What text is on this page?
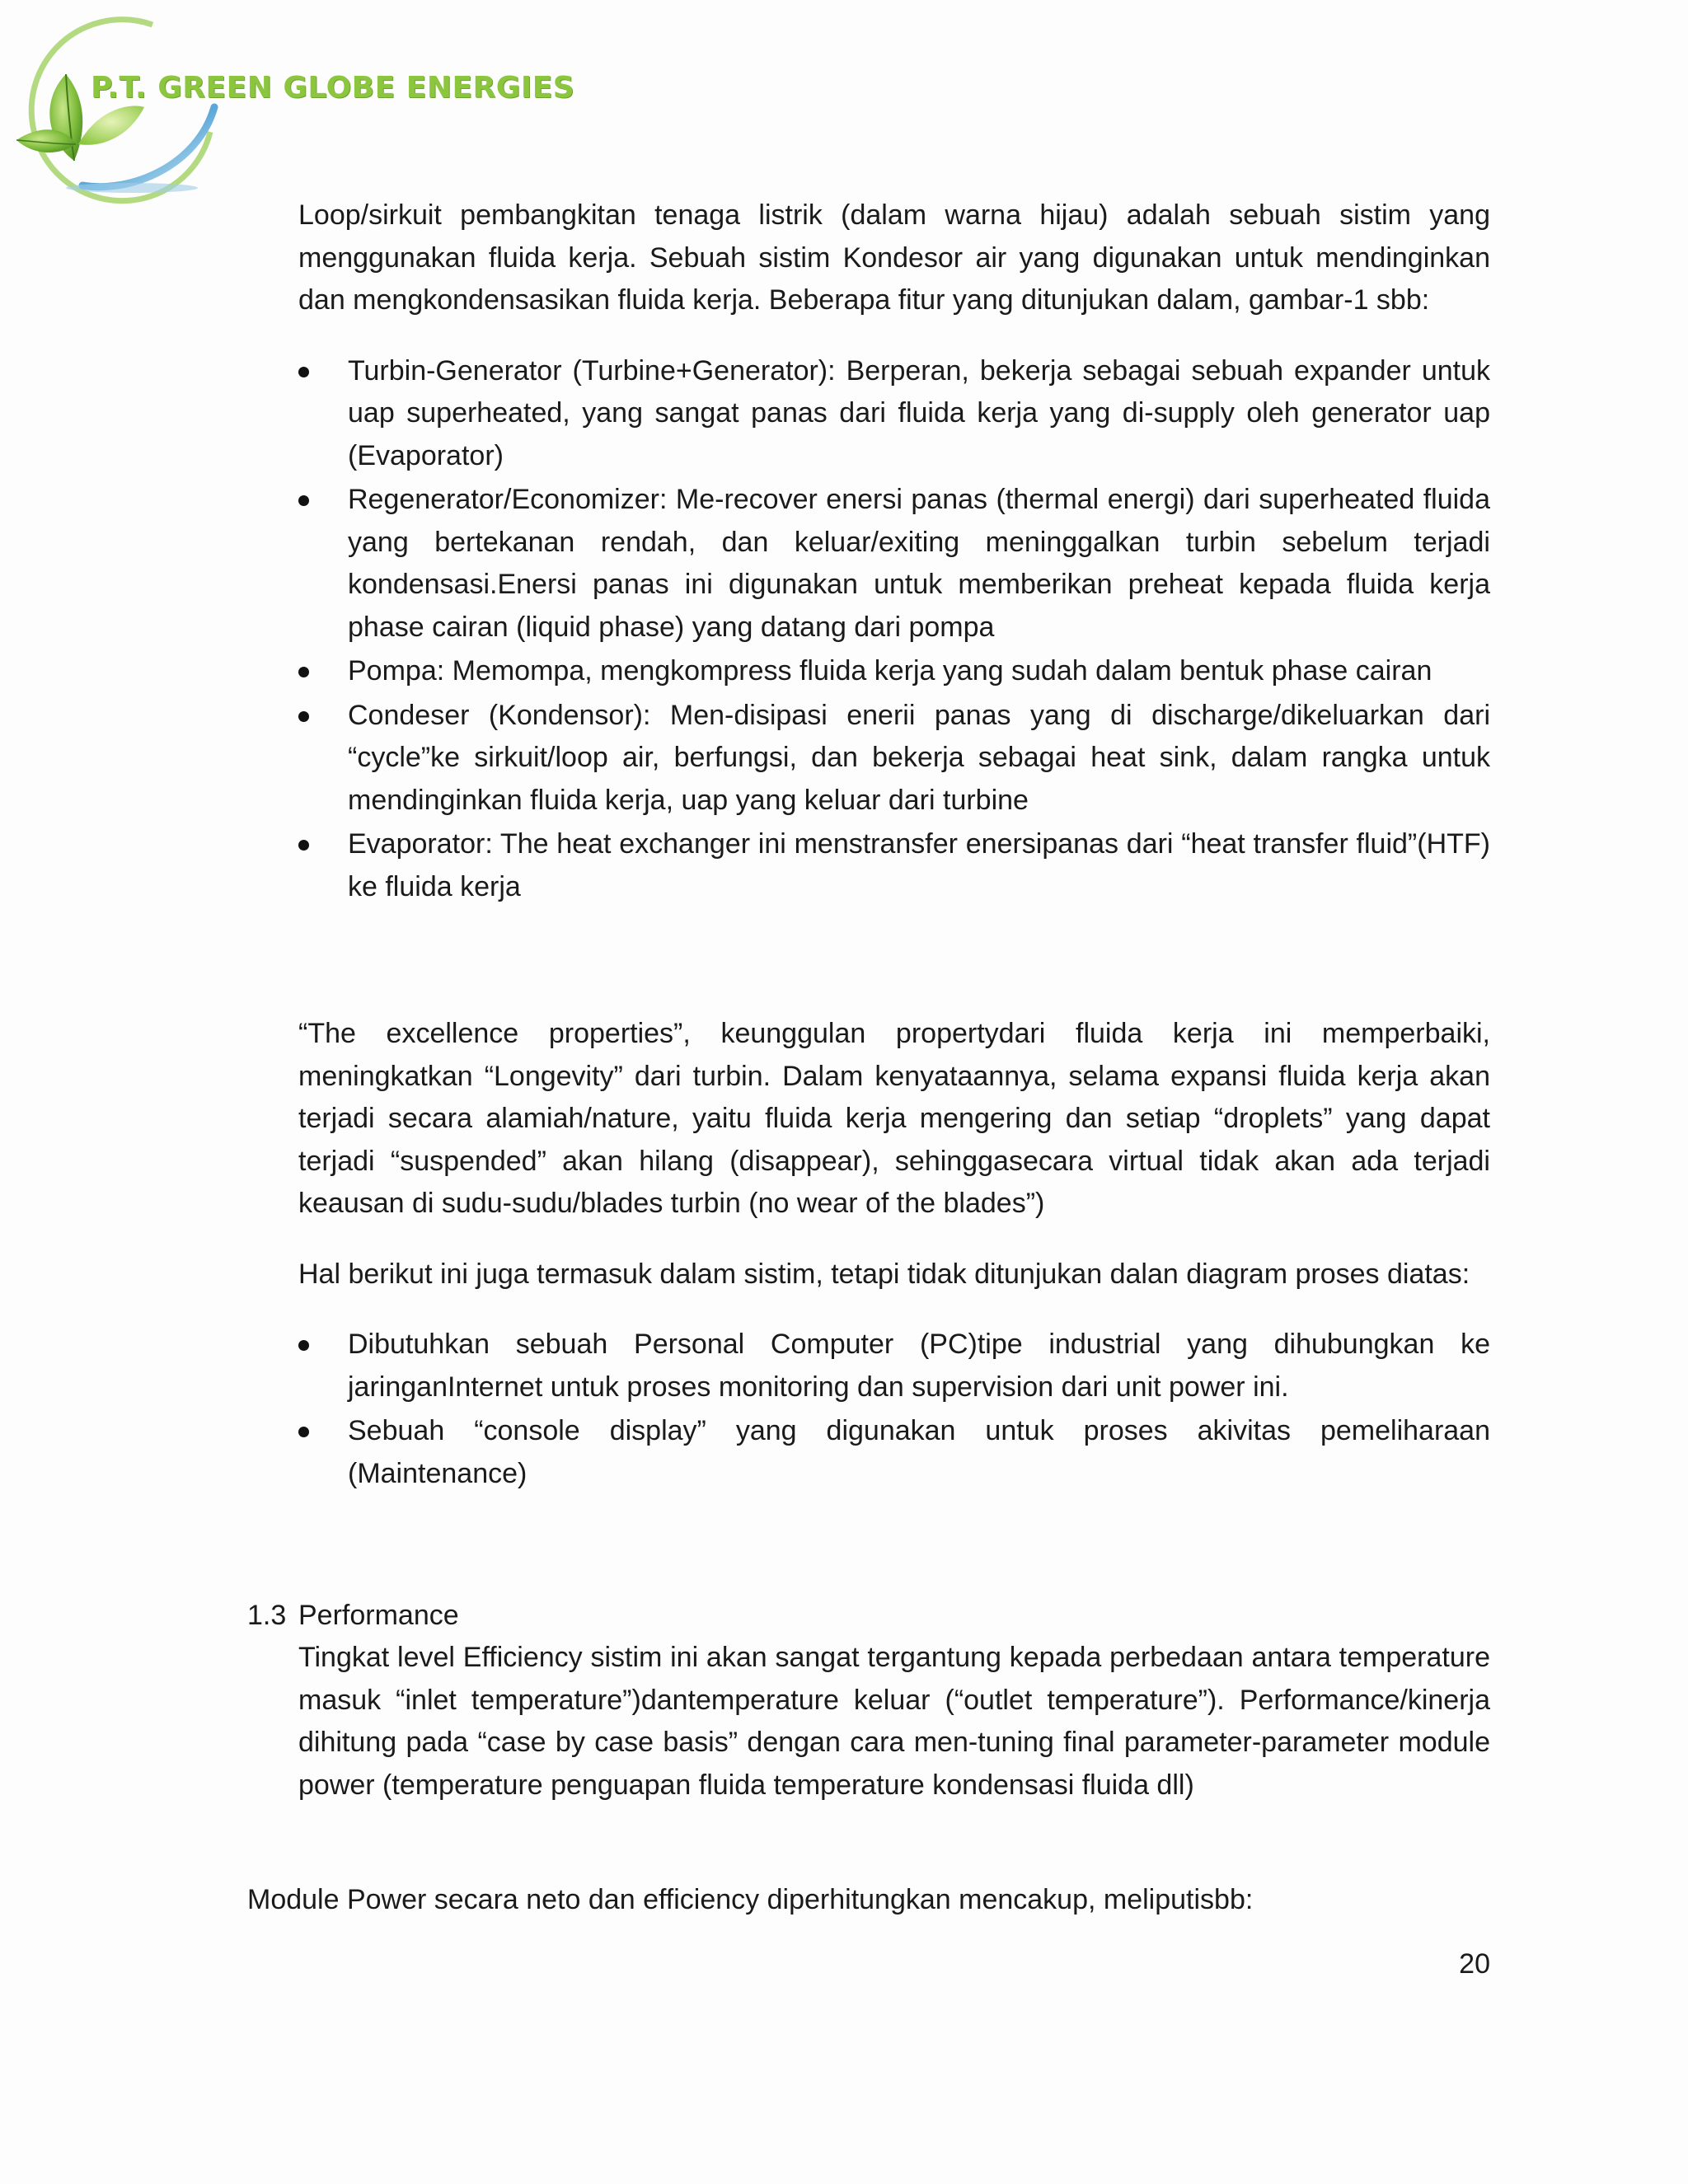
P.T. GREEN GLOBE ENERGIES

Loop/sirkuit pembangkitan tenaga listrik (dalam warna hijau) adalah sebuah sistim yang menggunakan fluida kerja. Sebuah sistim Kondesor air yang digunakan untuk mendinginkan dan mengkondensasikan fluida kerja. Beberapa fitur yang ditunjukan dalam, gambar-1 sbb:

Turbin-Generator (Turbine+Generator): Berperan, bekerja sebagai sebuah expander untuk uap superheated, yang sangat panas dari fluida kerja yang di-supply oleh generator uap (Evaporator)
Regenerator/Economizer: Me-recover enersi panas (thermal energi) dari superheated fluida yang bertekanan rendah, dan keluar/exiting meninggalkan turbin sebelum terjadi kondensasi.Enersi panas ini digunakan untuk memberikan preheat kepada fluida kerja phase cairan (liquid phase) yang datang dari pompa
Pompa: Memompa, mengkompress fluida kerja yang sudah dalam bentuk phase cairan
Condeser (Kondensor): Men-disipasi enerii panas yang di discharge/dikeluarkan dari “cycle”ke sirkuit/loop air, berfungsi, dan bekerja sebagai heat sink, dalam rangka untuk mendinginkan fluida kerja, uap yang keluar dari turbine
Evaporator: The heat exchanger ini menstransfer enersipanas dari “heat transfer fluid”(HTF) ke fluida kerja

“The excellence properties”, keunggulan propertydari fluida kerja ini memperbaiki, meningkatkan “Longevity” dari turbin. Dalam kenyataannya, selama expansi fluida kerja akan terjadi secara alamiah/nature, yaitu fluida kerja mengering dan setiap “droplets” yang dapat terjadi “suspended” akan hilang (disappear), sehinggasecara virtual tidak akan ada terjadi keausan di sudu-sudu/blades turbin (no wear of the blades”)

Hal berikut ini juga termasuk dalam sistim, tetapi tidak ditunjukan dalan diagram proses diatas:

Dibutuhkan sebuah Personal Computer (PC)tipe industrial yang dihubungkan ke jaringanInternet untuk proses monitoring dan supervision dari unit power ini.
Sebuah “console display” yang digunakan untuk proses akivitas pemeliharaan (Maintenance)
1.3 Performance

Tingkat level Efficiency sistim ini akan sangat tergantung kepada perbedaan antara temperature masuk “inlet temperature”)dantemperature keluar (“outlet temperature”). Performance/kinerja dihitung pada “case by case basis” dengan cara men-tuning final parameter-parameter module power (temperature penguapan fluida temperature kondensasi fluida dll)

Module Power secara neto dan efficiency diperhitungkan mencakup, meliputisbb:
20
